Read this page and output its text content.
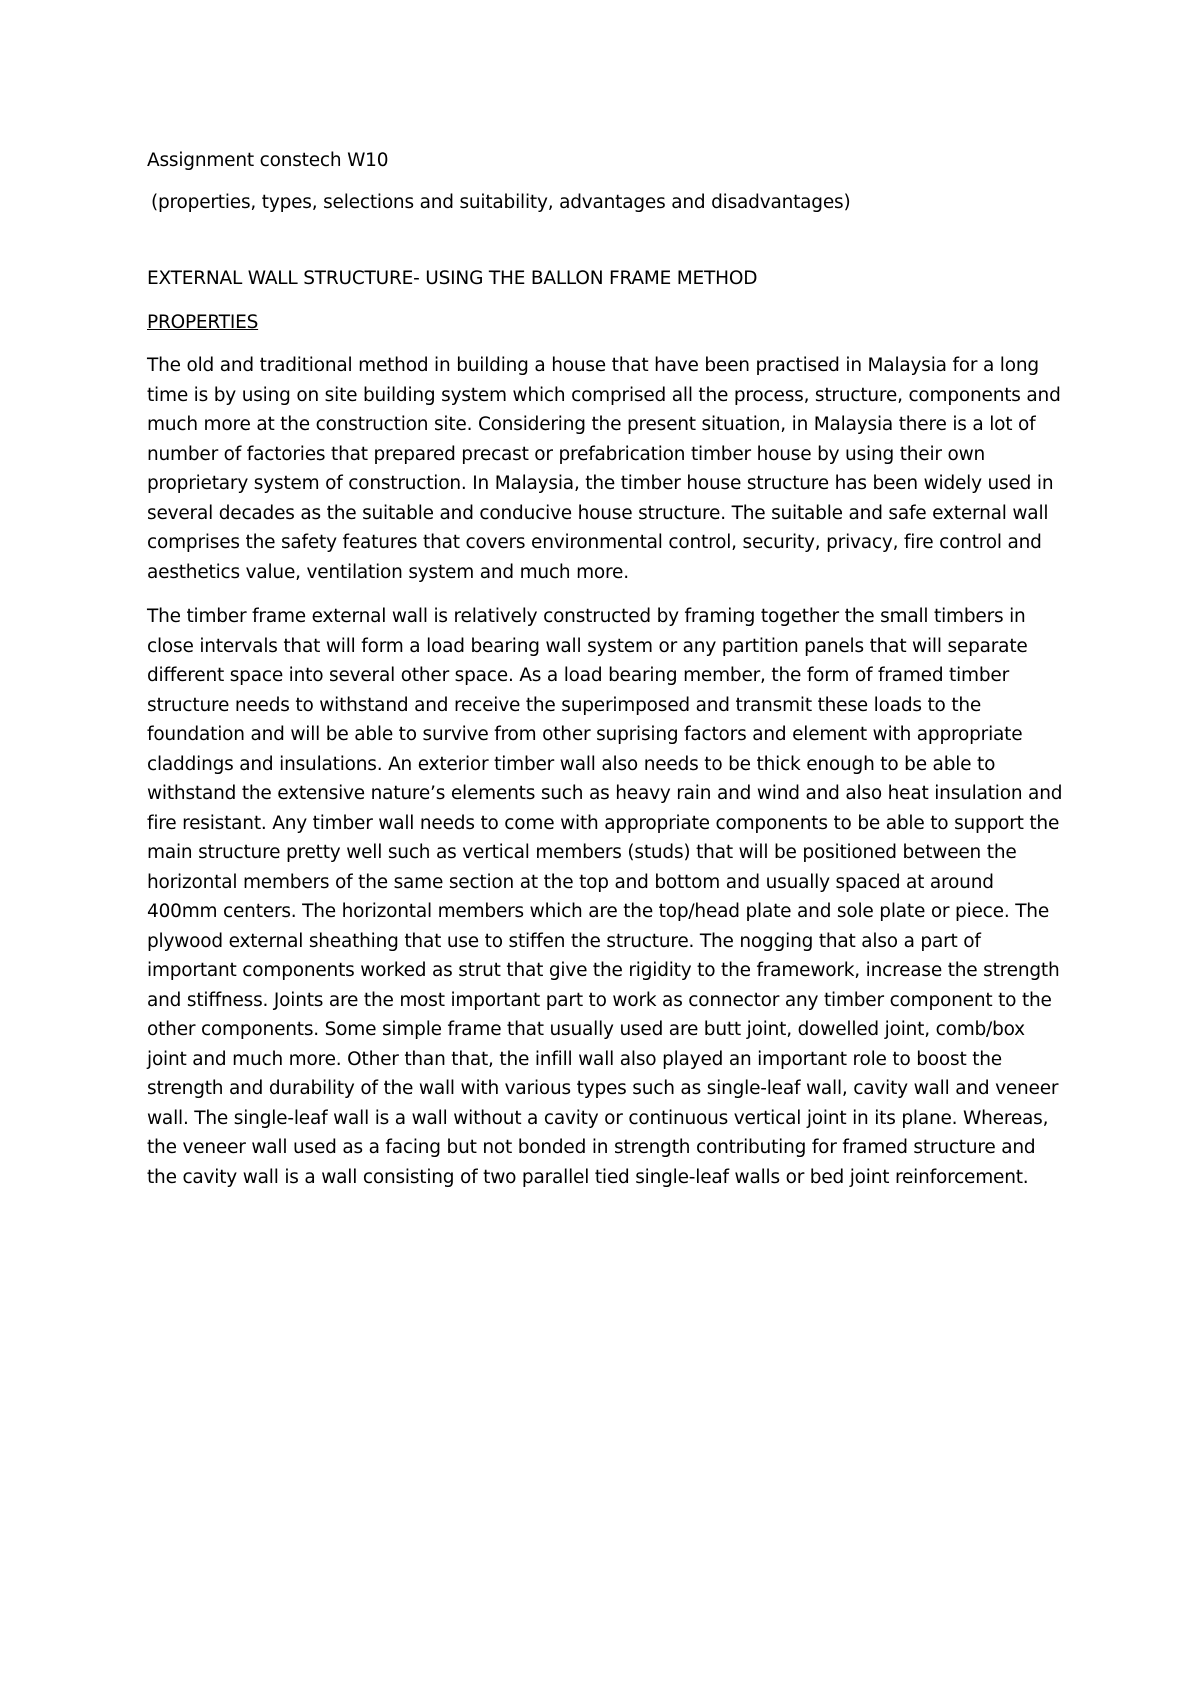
Assignment constech W10

(properties, types, selections and suitability, advantages and disadvantages)

EXTERNAL WALL STRUCTURE- USING THE BALLON FRAME METHOD

PROPERTIES

The old and traditional method in building a house that have been practised in Malaysia for a long time is by using on site building system which comprised all the process, structure, components and much more at the construction site. Considering the present situation, in Malaysia there is a lot of number of factories that prepared precast or prefabrication timber house by using their own proprietary system of construction. In Malaysia, the timber house structure has been widely used in several decades as the suitable and conducive house structure. The suitable and safe external wall comprises the safety features that covers environmental control, security, privacy, fire control and aesthetics value, ventilation system and much more.

The timber frame external wall is relatively constructed by framing together the small timbers in close intervals that will form a load bearing wall system or any partition panels that will separate different space into several other space. As a load bearing member, the form of framed timber structure needs to withstand and receive the superimposed and transmit these loads to the foundation and will be able to survive from other suprising factors and element with appropriate claddings and insulations. An exterior timber wall also needs to be thick enough to be able to withstand the extensive nature’s elements such as heavy rain and wind and also heat insulation and fire resistant. Any timber wall needs to come with appropriate components to be able to support the main structure pretty well such as vertical members (studs) that will be positioned between the horizontal members of the same section at the top and bottom and usually spaced at around 400mm centers. The horizontal members which are the top/head plate and sole plate or piece. The plywood external sheathing that use to stiffen the structure. The nogging that also a part of important components worked as strut that give the rigidity to the framework, increase the strength and stiffness. Joints are the most important part to work as connector any timber component to the other components. Some simple frame that usually used are butt joint, dowelled joint, comb/box joint and much more. Other than that, the infill wall also played an important role to boost the strength and durability of the wall with various types such as single-leaf wall, cavity wall and veneer wall. The single-leaf wall is a wall without a cavity or continuous vertical joint in its plane. Whereas, the veneer wall used as a facing but not bonded in strength contributing for framed structure and the cavity wall is a wall consisting of two parallel tied single-leaf walls or bed joint reinforcement.
